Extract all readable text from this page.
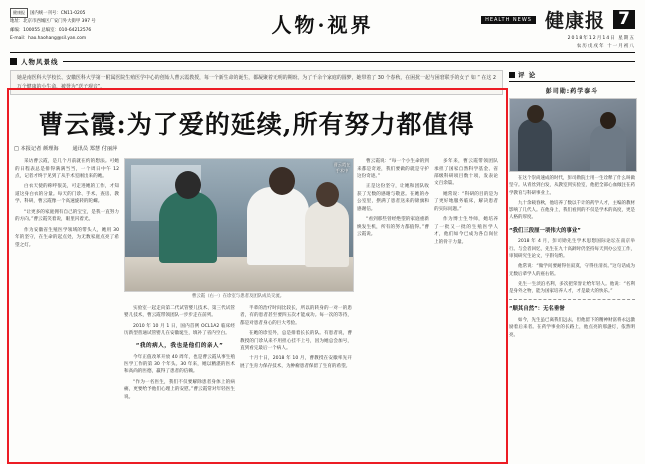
健康报 国内统一刊号：CN11-0205
地址：北京市西城区广安门外大街甲 397 号
邮编：100055 总编室：010-64212576
E-mail：hao.haohang@sil.yan.com
人物·视界	HEALTH NEWS 健康报 7
2018年12月14日 星期五
农历戊戌年 十一月初八
人物风景线
她是南医科大学校长、安徽医科大学第一附属医院生殖医学中心的创始人曹云霞教授，每一个新生命的诞生，都凝聚着无明的期盼。为了千余个家庭的圆梦，她带着了 30 个春秋，在困扰一起与困窘联手的女子 如 “ 在这 2 万个健康的小生命，被誉为“送子观音”。
曹云霞:为了爱的延续,所有努力都值得
□ 本报记者 颜理海	通讯员 郑慧 付丽萍

采访曹云霞，是几个月前就在约的想法。可她的日程表总是排得满满当当，一个周日中午 12 点，记者才终于见到了从手术室刚出来的她。

白衣天使的称呼很美，可走进她的工作，才知道这身白衣的分量。每天的门诊、手术、查房、教学、科研，曹云霞像一个高速旋转的陀螺。

“让更多的家庭拥有自己的宝宝，是我一直努力的方向。”曹云霞笑着说，眼里闪着光。

作为安徽省生殖医学领域的带头人，她用 30 年的坚守，在生命的起点处，为无数家庭点亮了希望之灯。

曹云霞在手术中
曹云霞（右一）在诊室与患者及团队成员交流。

实验室一起走向第二代试管婴儿技术、第三代试管婴儿技术，曹云霞带领团队一步步走在前列。

2010 年 10 月 1 日，国内首例 OCL1A2 临床经历新型普通试管婴儿在安徽诞生，填补了省内空白。

“我的病人，我也是他们的亲人”

今年正值改革开放 40 周年，也是曹云霞从事生殖医学工作的第 30 个年头。30 年来，她以精湛的医术和高尚的医德，赢得了患者的信赖。

“作为一名医生，我们不仅要解除患者身体上的病痛，更要给予他们心理上的安慰。”曹云霞常对年轻医生说。

半辈的治疗时间比较长，所以的转身的一对一的患者，有的患者甚至要四五次才能成功。每一次的等待，都是对患者身心的巨大考验。

在她的诊室外，总是排着长长的队。有患者说，曹教授的门诊从来不用担心挂不上号，因为她总会加号，直到看完最后一个病人。

十月十日，2018 年 10 月，曹教授在安徽率先开展了生育力保存技术，为肿瘤患者保留了生育的希望。

曹云霞说：“每一个小生命的到来都是奇迹，我们要做的就是守护这份奇迹。”

正是这份坚守，让她和团队收获了无数的感谢与敬意。在她的办公室里，摆满了患者送来的锦旗和感谢信。

“看到那些曾经绝望的家庭重新焕发生机，所有的努力都值得。”曹云霞说。

多年来，曹云霞带领团队承担了国家自然科学基金、省部级科研项目数十项，发表论文百余篇。

她常说：“科研的目的是为了更好地服务临床，解决患者的实际问题。”

作为博士生导师，她培养了一批又一批的生殖医学人才，他们如今已成为各自岗位上的骨干力量。

评 论
彭司勋:药学泰斗

在这个崇尚速成的时代，彭司勋院士用一生诠释了什么叫做坚守。从青丝到白发，从教室到实验室，他把全部心血倾注在药学教育与科研事业上。

九十余载春秋，他培养了数以千计的药学人才，主编的教材影响了几代人。在他身上，我们看到的不仅是学术的高度，更是人格的厚度。

“我们三段厘一项伟大的事业”

2018 年 4 月，彭司勋先生学术思想国际论坛在南京举行。与会者回忆，先生在九十高龄时仍坚持每天到办公室工作，审阅研究生论文，字斟句酌。

他常说：“做学问要耐得住寂寞，守得住清贫。”这句话成为无数后辈学人的座右铭。

先生一生淡泊名利，多次把荣誉让给年轻人。他说：“名利是身外之物，能为国家培养人才，才是最大的快乐。”

“顺其自然”：无名垂誉

如今，先生虽已离我们远去，但他留下的精神财富将永远激励着后来者。在药学事业的长路上，他点亮的那盏灯，依然明亮。
